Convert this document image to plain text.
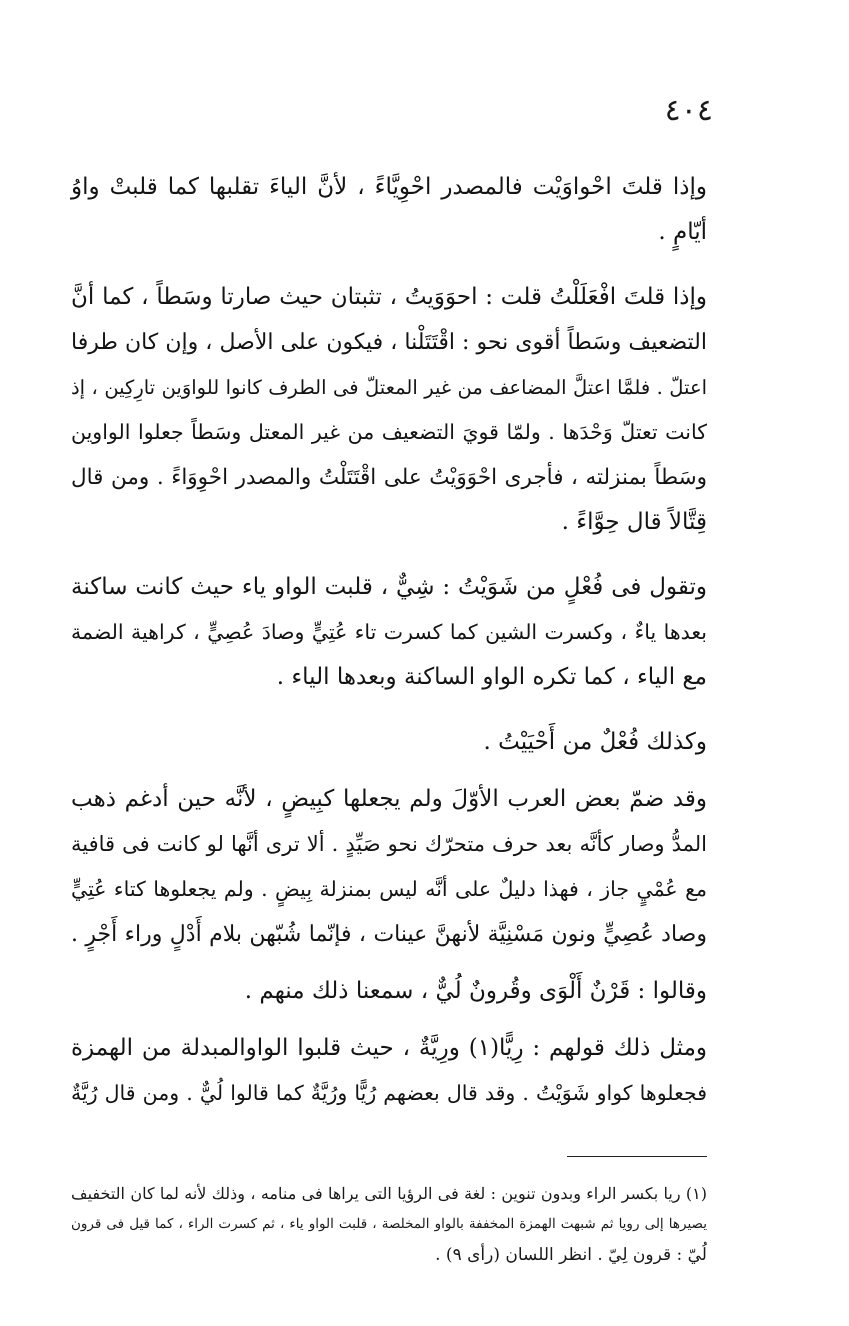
٤٠٤

وإذا قلتَ احْواوَيْت فالمصدر احْوِيَّاءً ، لأنَّ الياءَ تقلبها كما قلبتْ واوُ
أيّامٍ .

وإذا قلتَ افْعَلَلْتُ قلت : احوَوَيتُ ، تثبتان حيث صارتا وسَطاً ، كما أنَّ
التضعيف وسَطاً أقوى نحو : اقْتَتَلْنا ، فيكون على الأصل ، وإن كان طرفا
اعتلّ . فلمَّا اعتلَّ المضاعف من غير المعتلّ فى الطرف كانوا للواوَين تارِكِين ، إذ
كانت تعتلّ وَحْدَها . ولمّا قويَ التضعيف من غير المعتل وسَطاً جعلوا الواوين
وسَطاً بمنزلته ، فأجرى احْوَوَيْتُ على اقْتَتَلْتُ والمصدر احْوِوَاءً . ومن قال
قِتَّالاً قال حِوَّاءً .

وتقول فى فُعْلٍ من شَوَيْتُ : شِيٌّ ، قلبت الواو ياء حيث كانت ساكنة
بعدها ياءٌ ، وكسرت الشين كما كسرت تاء عُتِيٍّ وصادَ عُصِيٍّ ، كراهية الضمة
مع الياء ، كما تكره الواو الساكنة وبعدها الياء .

وكذلك فُعْلٌ من أَحْيَيْتُ .

وقد ضمّ بعض العرب الأوّلَ ولم يجعلها كبِيضٍ ، لأنَّه حين أدغم ذهب
المدُّ وصار كأنَّه بعد حرف متحرّك نحو صَيِّدٍ . ألا ترى أنَّها لو كانت فى قافية
مع عُمْيٍ جاز ، فهذا دليلٌ على أنَّه ليس بمنزلة بِيضٍ . ولم يجعلوها كتاء عُتِيٍّ
وصاد عُصِيٍّ ونون مَسْنِيَّة لأنهنَّ عينات ، فإنّما شُبّهن بلام أَدْلٍ وراء أَجْرٍ .

وقالوا : قَرْنٌ أَلْوَى وقُرونٌ لُيٌّ ، سمعنا ذلك منهم .

ومثل ذلك قولهم : رِيًّا(١) ورِيَّةٌ ، حيث قلبوا الواوالمبدلة من الهمزة
فجعلوها كواو شَوَيْتُ . وقد قال بعضهم رُيًّا ورُيَّةٌ كما قالوا لُيٌّ . ومن قال رُيَّةٌ

(١) ريا بكسر الراء وبدون تنوين : لغة فى الرؤيا التى يراها فى منامه ، وذلك لأنه لما كان التخفيف
يصيرها إلى رويا ثم شبهت الهمزة المخففة بالواو المخلصة ، قلبت الواو ياء ، ثم كسرت الراء ، كما قيل فى قرون
لُيّ : قرون لِيّ . انظر اللسان (رأى ٩) .
